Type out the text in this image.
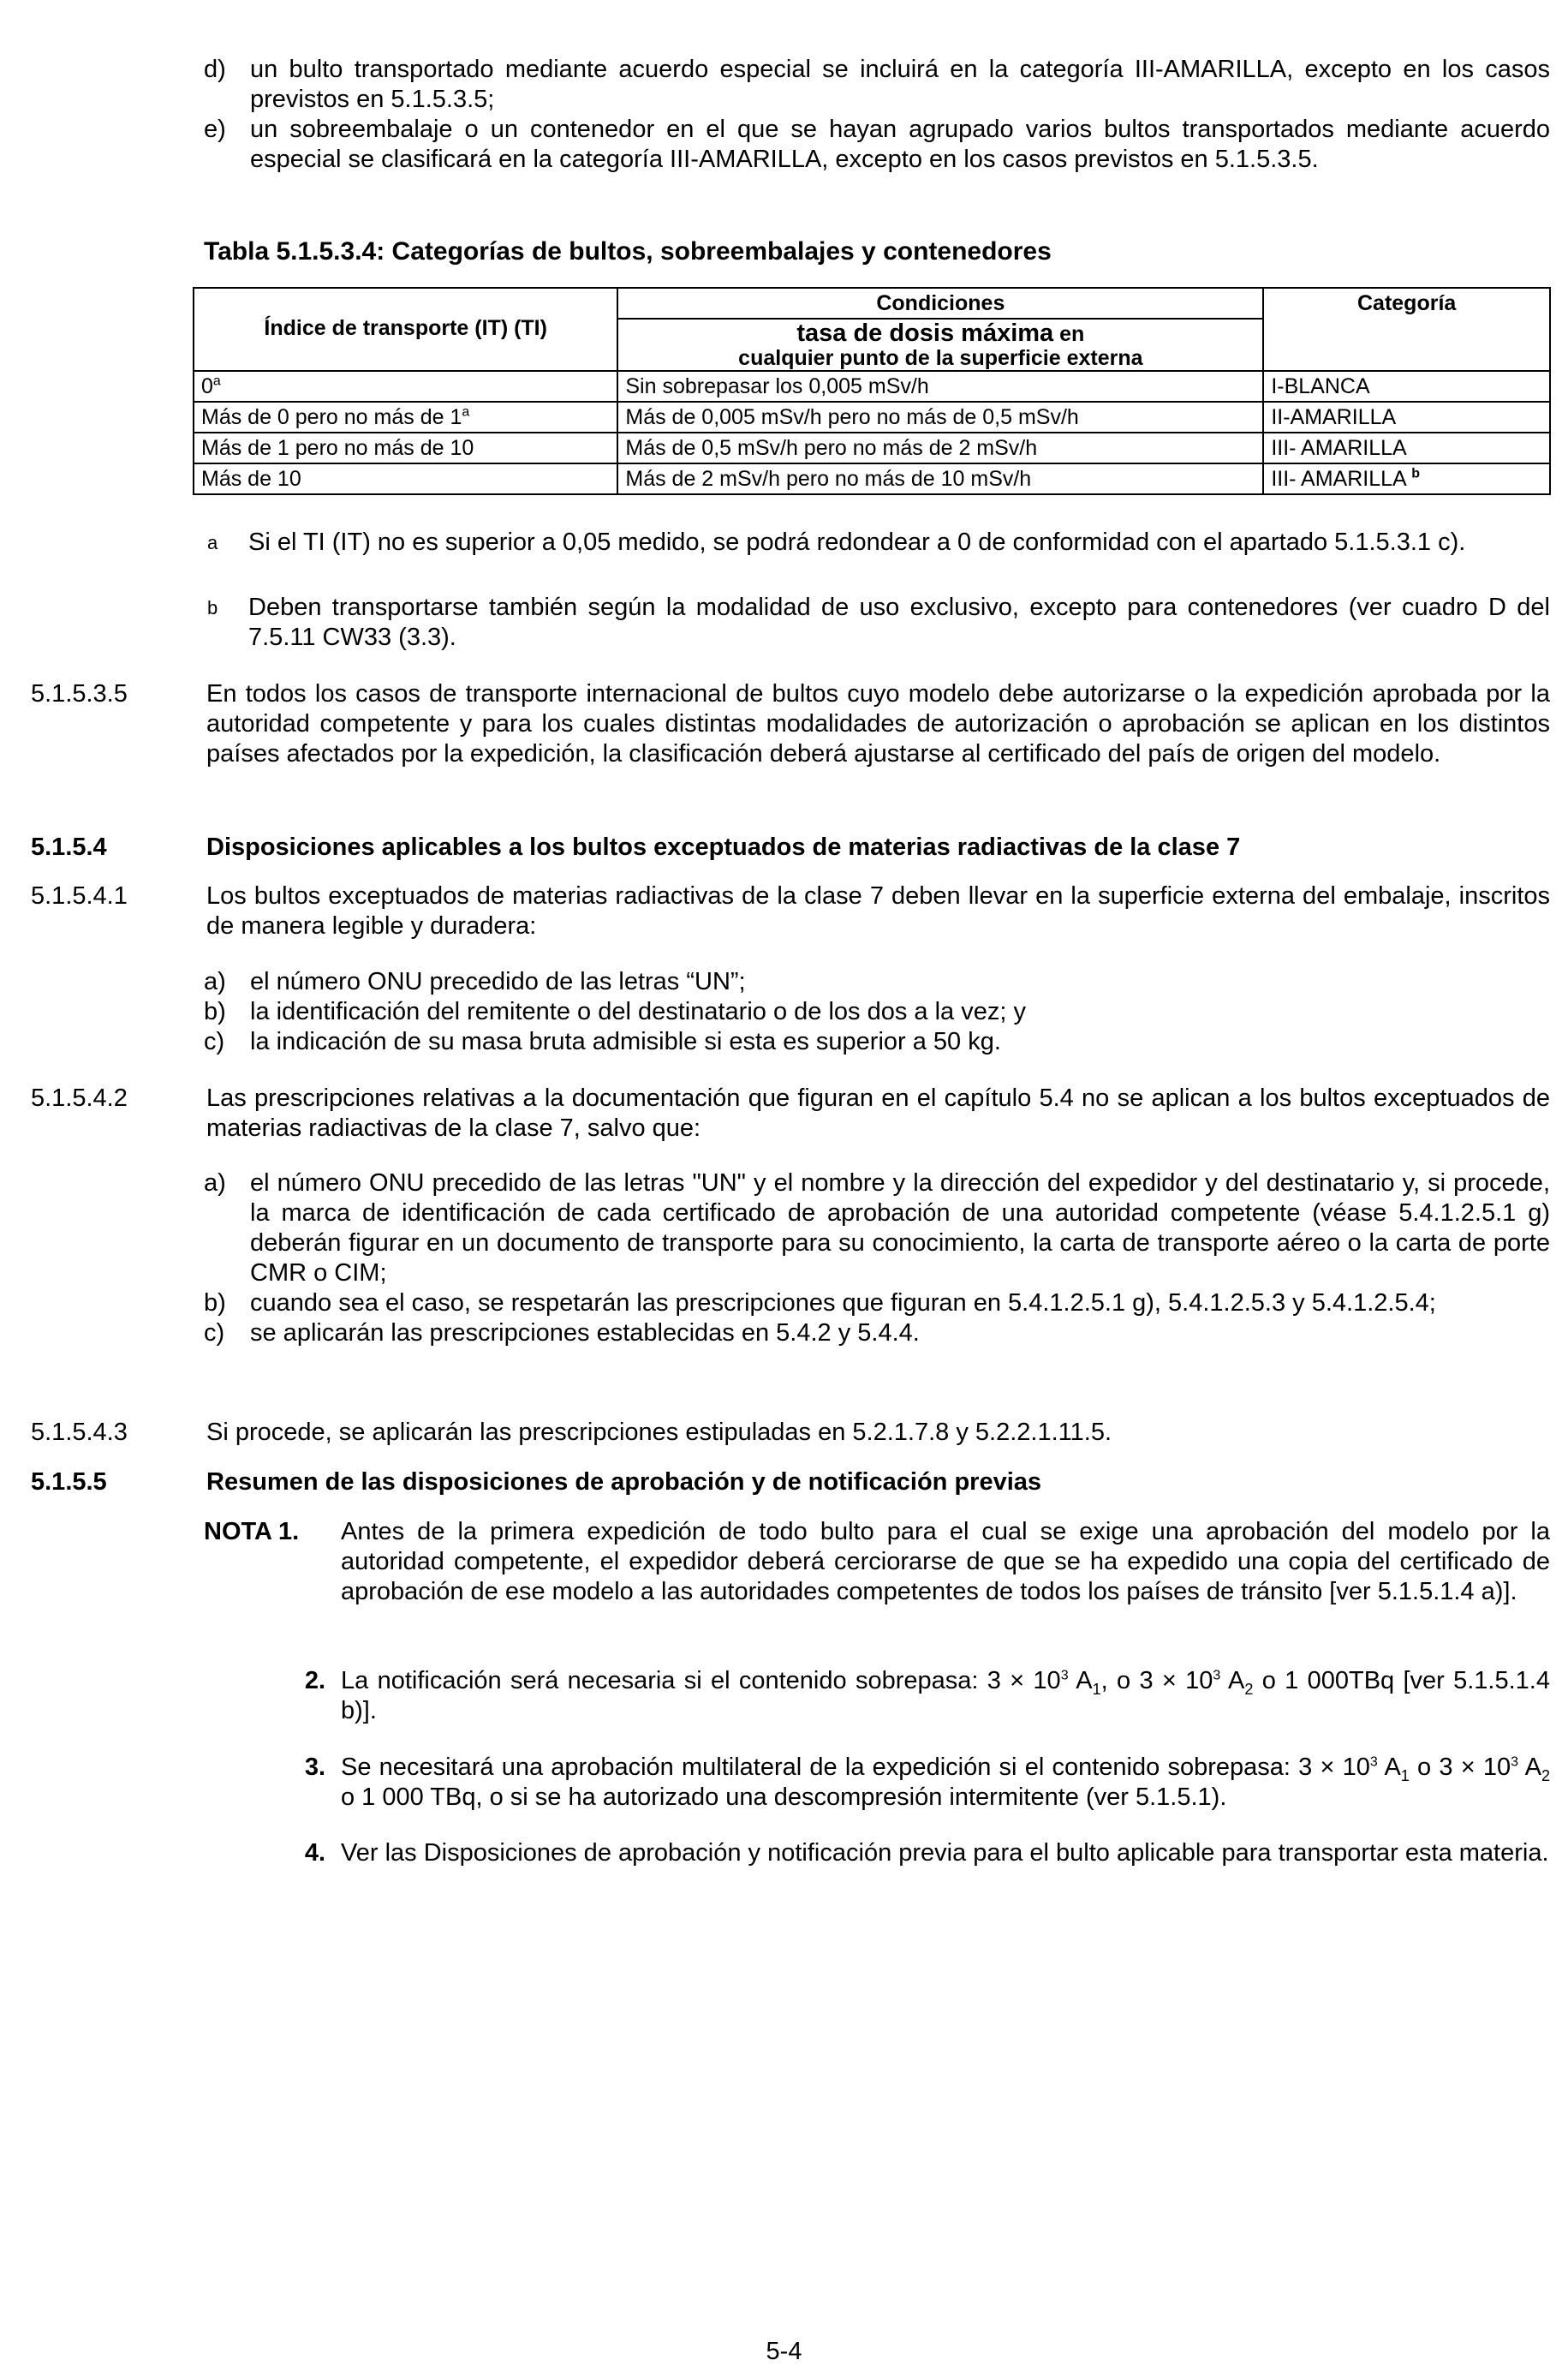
d) un bulto transportado mediante acuerdo especial se incluirá en la categoría III-AMARILLA, excepto en los casos previstos en 5.1.5.3.5;
e) un sobreembalaje o un contenedor en el que se hayan agrupado varios bultos transportados mediante acuerdo especial se clasificará en la categoría III-AMARILLA, excepto en los casos previstos en 5.1.5.3.5.
Tabla 5.1.5.3.4: Categorías de bultos, sobreembalajes y contenedores
Índice de transporte (IT) (TI)	Condiciones	Categoría
	tasa de dosis máxima en
cualquier punto de la superficie externa	
0$^a$	Sin sobrepasar los 0,005 mSv/h	I-BLANCA
Más de 0 pero no más de 1$^a$	Más de 0,005 mSv/h pero no más de 0,5 mSv/h	II-AMARILLA
Más de 1 pero no más de 10	Más de 0,5 mSv/h pero no más de 2 mSv/h	III- AMARILLA
Más de 10	Más de 2 mSv/h pero no más de 10 mSv/h	III- AMARILLA $^b$
a	Si el TI (IT) no es superior a 0,05 medido, se podrá redondear a 0 de conformidad con el apartado 5.1.5.3.1 c).
b	Deben transportarse también según la modalidad de uso exclusivo, excepto para contenedores (ver cuadro D del 7.5.11 CW33 (3.3).
5.1.5.3.5	En todos los casos de transporte internacional de bultos cuyo modelo debe autorizarse o la expedición aprobada por la autoridad competente y para los cuales distintas modalidades de autorización o aprobación se aplican en los distintos países afectados por la expedición, la clasificación deberá ajustarse al certificado del país de origen del modelo.
5.1.5.4	Disposiciones aplicables a los bultos exceptuados de materias radiactivas de la clase 7
5.1.5.4.1	Los bultos exceptuados de materias radiactivas de la clase 7 deben llevar en la superficie externa del embalaje, inscritos de manera legible y duradera:
a) el número ONU precedido de las letras “UN”;
b) la identificación del remitente o del destinatario o de los dos a la vez; y
c)	la indicación de su masa bruta admisible si esta es superior a 50 kg.
5.1.5.4.2	Las prescripciones relativas a la documentación que figuran en el capítulo 5.4 no se aplican a los bultos exceptuados de materias radiactivas de la clase 7, salvo que:
a) el número ONU precedido de las letras "UN" y el nombre y la dirección del expedidor y del destinatario y, si procede, la marca de identificación de cada certificado de aprobación de una autoridad competente (véase 5.4.1.2.5.1 g) deberán figurar en un documento de transporte para su conocimiento, la carta de transporte aéreo o la carta de porte CMR o CIM;
b) cuando sea el caso, se respetarán las prescripciones que figuran en 5.4.1.2.5.1 g), 5.4.1.2.5.3 y 5.4.1.2.5.4;
c)	se aplicarán las prescripciones establecidas en 5.4.2 y 5.4.4.
5.1.5.4.3	Si procede, se aplicarán las prescripciones estipuladas en 5.2.1.7.8 y 5.2.2.1.11.5.
5.1.5.5	Resumen de las disposiciones de aprobación y de notificación previas
NOTA 1.	Antes de la primera expedición de todo bulto para el cual se exige una aprobación del modelo por la autoridad competente, el expedidor deberá cerciorarse de que se ha expedido una copia del certificado de aprobación de ese modelo a las autoridades competentes de todos los países de tránsito [ver 5.1.5.1.4 a)].
2. La notificación será necesaria si el contenido sobrepasa: $3 \times 10^3$ $A_1$, o $3 \times 10^3$ $A_2$ o 1 000TBq [ver 5.1.5.1.4 b)].
3. Se necesitará una aprobación multilateral de la expedición si el contenido sobrepasa: $3 \times 10^3$ $A_1$ o $3 \times 10^3$ $A_2$ o 1 000 TBq, o si se ha autorizado una descompresión intermitente (ver 5.1.5.1).
4. Ver las Disposiciones de aprobación y notificación previa para el bulto aplicable para transportar esta materia.
5-4
